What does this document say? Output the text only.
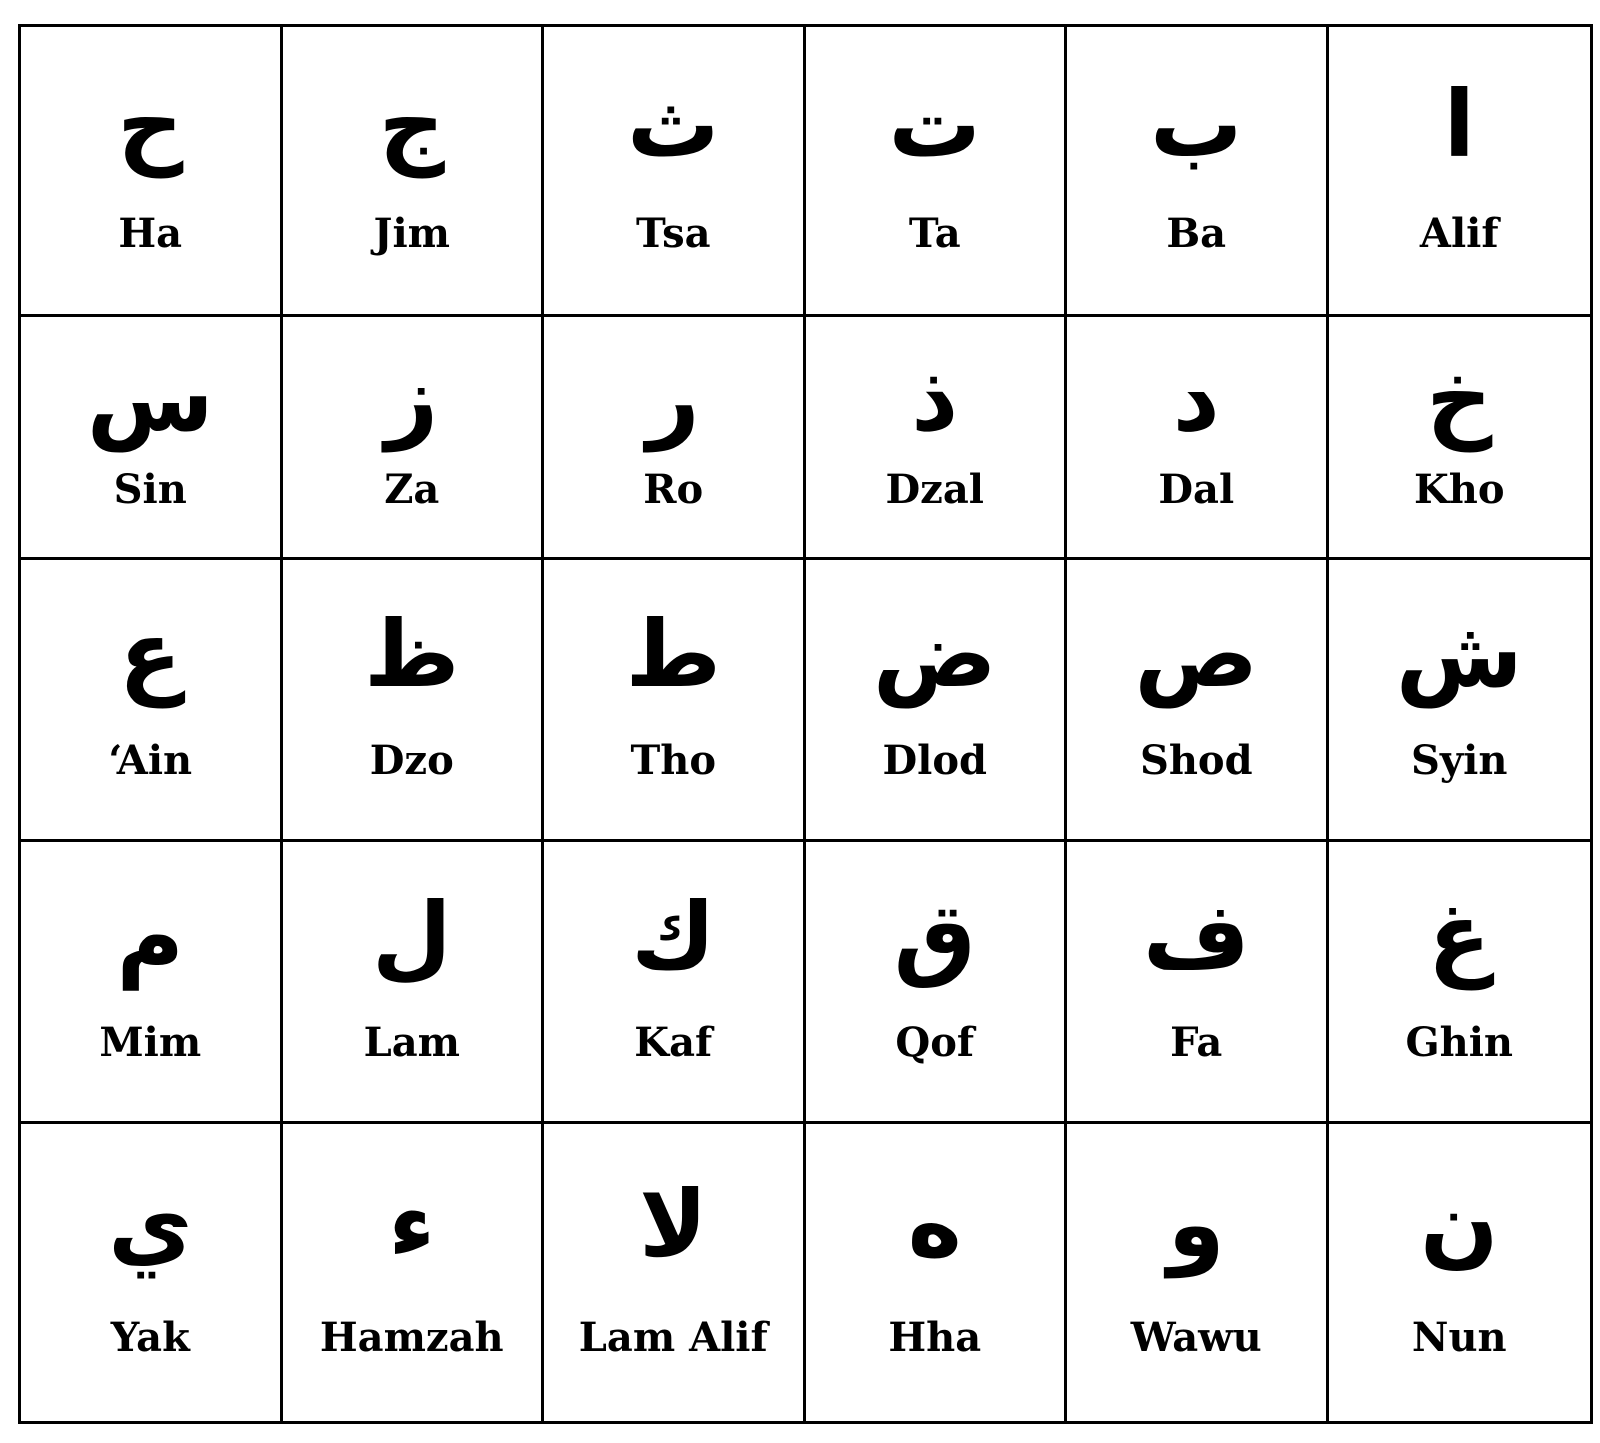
ح
Ha
ج
Jim
ث
Tsa
ت
Ta
ب
Ba
ا
Alif
س
Sin
ز
Za
ر
Ro
ذ
Dzal
د
Dal
خ
Kho
ع
‘Ain
ظ
Dzo
ط
Tho
ض
Dlod
ص
Shod
ش
Syin
م
Mim
ل
Lam
ك
Kaf
ق
Qof
ف
Fa
غ
Ghin
ي
Yak
ء
Hamzah
لا
Lam Alif
ه
Hha
و
Wawu
ن
Nun
